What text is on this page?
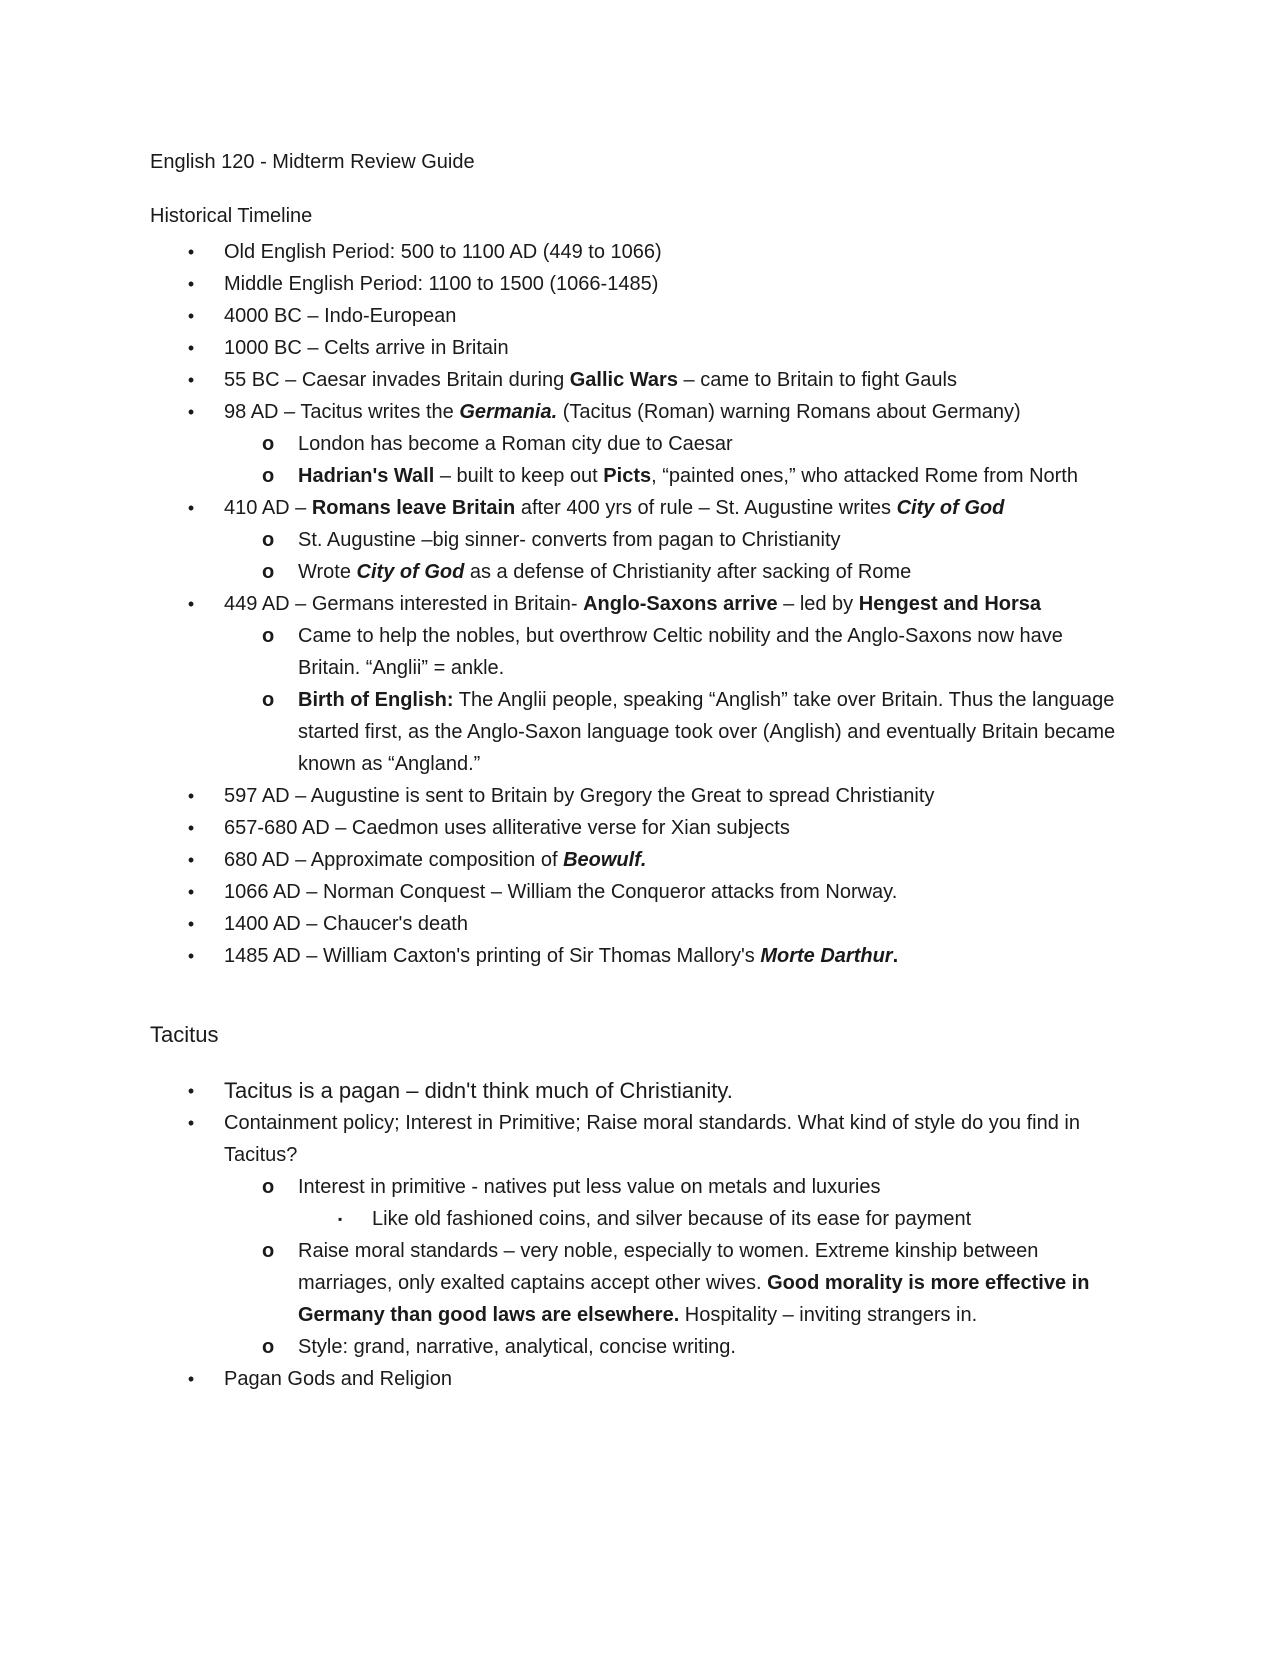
English 120 - Midterm Review Guide
Historical Timeline
• Old English Period: 500 to 1100 AD (449 to 1066)
• Middle English Period: 1100 to 1500 (1066-1485)
• 4000 BC – Indo-European
• 1000 BC – Celts arrive in Britain
• 55 BC – Caesar invades Britain during Gallic Wars – came to Britain to fight Gauls
• 98 AD – Tacitus writes the Germania. (Tacitus (Roman) warning Romans about Germany)
o London has become a Roman city due to Caesar
o Hadrian's Wall – built to keep out Picts, “painted ones,” who attacked Rome from North
• 410 AD – Romans leave Britain after 400 yrs of rule – St. Augustine writes City of God
o St. Augustine –big sinner- converts from pagan to Christianity
o Wrote City of God as a defense of Christianity after sacking of Rome
• 449 AD – Germans interested in Britain- Anglo-Saxons arrive – led by Hengest and Horsa
o Came to help the nobles, but overthrow Celtic nobility and the Anglo-Saxons now have Britain. “Anglii” = ankle.
o Birth of English: The Anglii people, speaking “Anglish” take over Britain. Thus the language started first, as the Anglo-Saxon language took over (Anglish) and eventually Britain became known as “Angland.”
• 597 AD – Augustine is sent to Britain by Gregory the Great to spread Christianity
• 657-680 AD – Caedmon uses alliterative verse for Xian subjects
• 680 AD – Approximate composition of Beowulf.
• 1066 AD – Norman Conquest – William the Conqueror attacks from Norway.
• 1400 AD – Chaucer's death
• 1485 AD – William Caxton's printing of Sir Thomas Mallory's Morte Darthur.
Tacitus
• Tacitus is a pagan – didn't think much of Christianity.
• Containment policy; Interest in Primitive; Raise moral standards. What kind of style do you find in Tacitus?
o Interest in primitive - natives put less value on metals and luxuries
▪ Like old fashioned coins, and silver because of its ease for payment
o Raise moral standards – very noble, especially to women. Extreme kinship between marriages, only exalted captains accept other wives. Good morality is more effective in Germany than good laws are elsewhere. Hospitality – inviting strangers in.
o Style: grand, narrative, analytical, concise writing.
• Pagan Gods and Religion
